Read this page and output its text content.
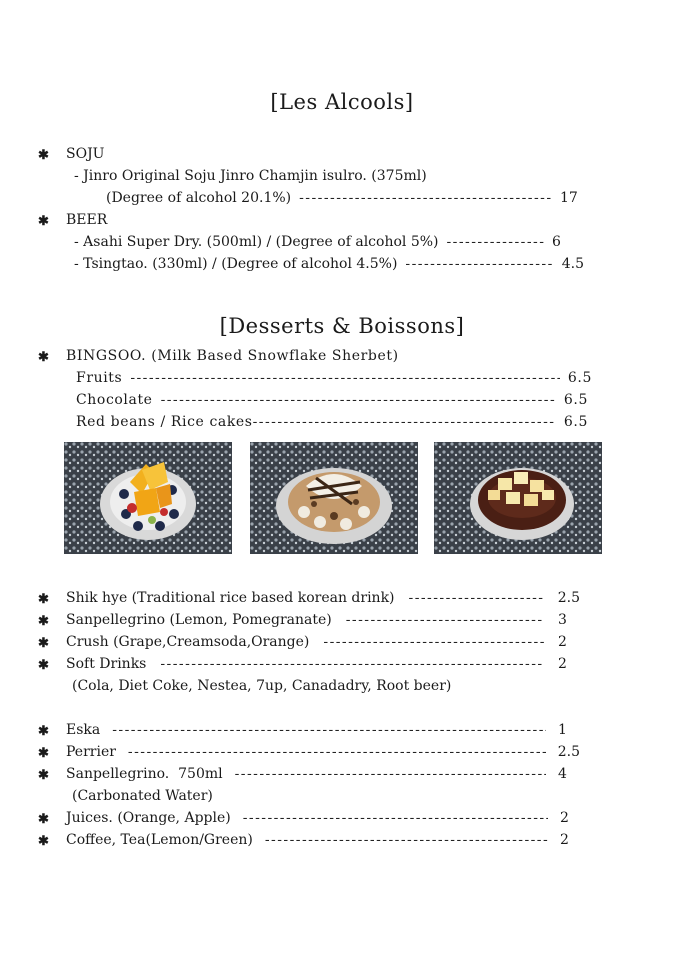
[Les Alcools]
✱ SOJU
- Jinro Original Soju Jinro Chamjin isulro. (375ml)
(Degree of alcohol 20.1%) - - -	17
✱ BEER
- Asahi Super Dry. (500ml) / (Degree of alcohol 5%) - - -	6
- Tsingtao. (330ml) / (Degree of alcohol 4.5%) - - -	4.5
[Desserts & Boissons]
✱ BINGSOO. (Milk Based Snowflake Sherbet)
Fruits - - -	6.5
Chocolate - - -	6.5
Red beans / Rice cakes - - -	6.5
✱ Shik hye (Traditional rice based korean drink) - - -	2.5
✱ Sanpellegrino (Lemon, Pomegranate) - - -	3
✱ Crush (Grape,Creamsoda,Orange) - - -	2
✱ Soft Drinks - - -	2
(Cola, Diet Coke, Nestea, 7up, Canadadry, Root beer)
✱ Eska - - -	1
✱ Perrier - - -	2.5
✱ Sanpellegrino.  750ml - - -	4
(Carbonated Water)
✱ Juices. (Orange, Apple) - - -	2
✱ Coffee, Tea(Lemon/Green) - - -	2
